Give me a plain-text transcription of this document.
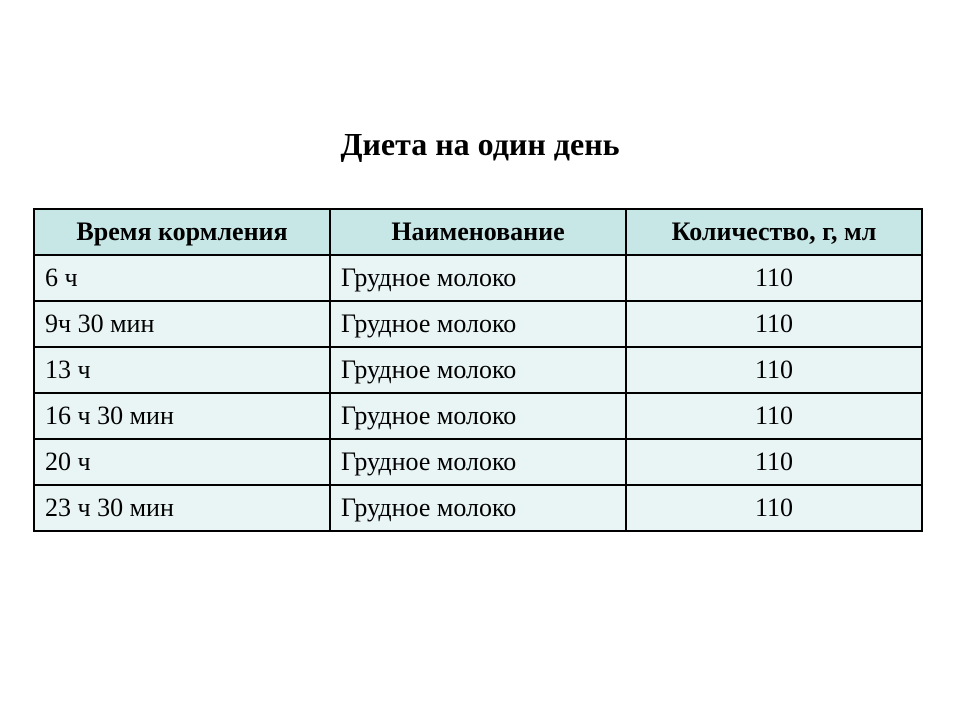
Диета на один день
Время кормления	Наименование	Количество, г, мл
6 ч	Грудное молоко	110
9ч 30 мин	Грудное молоко	110
13 ч	Грудное молоко	110
16 ч 30 мин	Грудное молоко	110
20 ч	Грудное молоко	110
23 ч 30 мин	Грудное молоко	110
